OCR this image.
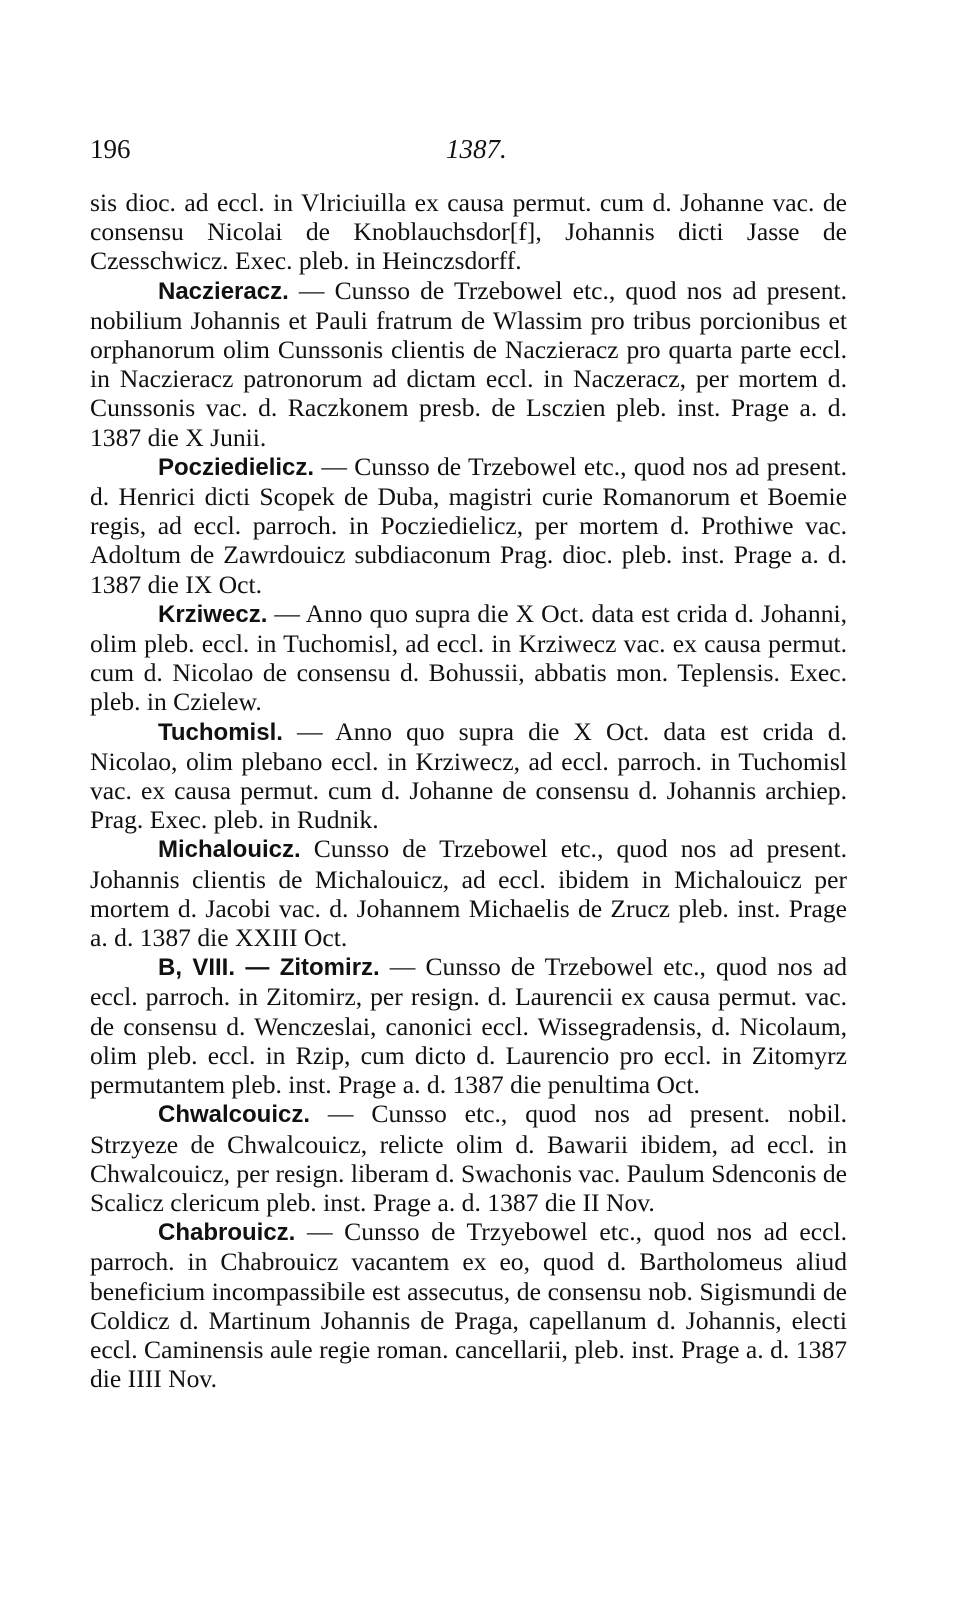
196	1387.

sis dioc. ad eccl. in Vlriciuilla ex causa permut. cum d. Johanne vac. de consensu Nicolai de Knoblauchsdor[f], Johannis dicti Jasse de Czesschwicz. Exec. pleb. in Heinczsdorff.

Naczieracz. — Cunsso de Trzebowel etc., quod nos ad present. nobilium Johannis et Pauli fratrum de Wlassim pro tribus porcionibus et orphanorum olim Cunssonis clientis de Naczieracz pro quarta parte eccl. in Naczieracz patronorum ad dictam eccl. in Naczeracz, per mortem d. Cunssonis vac. d. Raczkonem presb. de Lsczien pleb. inst. Prage a. d. 1387 die X Junii.

Pocziedielicz. — Cunsso de Trzebowel etc., quod nos ad present. d. Henrici dicti Scopek de Duba, magistri curie Romanorum et Boemie regis, ad eccl. parroch. in Pocziedielicz, per mortem d. Prothiwe vac. Adoltum de Zawrdouicz subdiaconum Prag. dioc. pleb. inst. Prage a. d. 1387 die IX Oct.

Krziwecz. — Anno quo supra die X Oct. data est crida d. Johanni, olim pleb. eccl. in Tuchomisl, ad eccl. in Krziwecz vac. ex causa permut. cum d. Nicolao de consensu d. Bohussii, abbatis mon. Teplensis. Exec. pleb. in Czielew.

Tuchomisl. — Anno quo supra die X Oct. data est crida d. Nicolao, olim plebano eccl. in Krziwecz, ad eccl. parroch. in Tuchomisl vac. ex causa permut. cum d. Johanne de consensu d. Johannis archiep. Prag. Exec. pleb. in Rudnik.

Michalouicz. Cunsso de Trzebowel etc., quod nos ad present. Johannis clientis de Michalouicz, ad eccl. ibidem in Michalouicz per mortem d. Jacobi vac. d. Johannem Michaelis de Zrucz pleb. inst. Prage a. d. 1387 die XXIII Oct.

B, VIII. — Zitomirz. — Cunsso de Trzebowel etc., quod nos ad eccl. parroch. in Zitomirz, per resign. d. Laurencii ex causa permut. vac. de consensu d. Wenczeslai, canonici eccl. Wissegradensis, d. Nicolaum, olim pleb. eccl. in Rzip, cum dicto d. Laurencio pro eccl. in Zitomyrz permutantem pleb. inst. Prage a. d. 1387 die penultima Oct.

Chwalcouicz. — Cunsso etc., quod nos ad present. nobil. Strzyeze de Chwalcouicz, relicte olim d. Bawarii ibidem, ad eccl. in Chwalcouicz, per resign. liberam d. Swachonis vac. Paulum Sdenconis de Scalicz clericum pleb. inst. Prage a. d. 1387 die II Nov.

Chabrouicz. — Cunsso de Trzyebowel etc., quod nos ad eccl. parroch. in Chabrouicz vacantem ex eo, quod d. Bartholomeus aliud beneficium incompassibile est assecutus, de consensu nob. Sigismundi de Coldicz d. Martinum Johannis de Praga, capellanum d. Johannis, electi eccl. Caminensis aule regie roman. cancellarii, pleb. inst. Prage a. d. 1387 die IIII Nov.
